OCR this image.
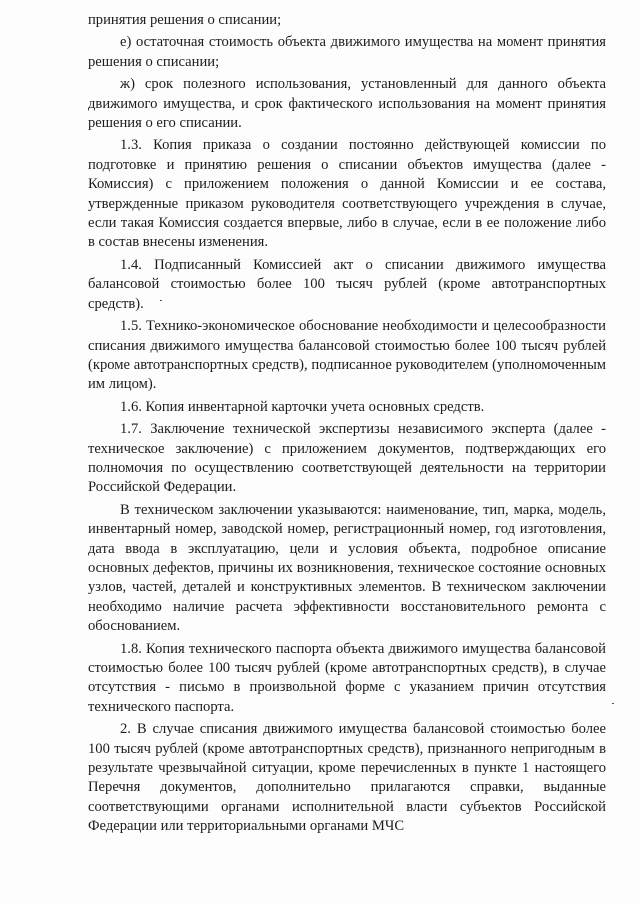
принятия решения о списании;

е) остаточная стоимость объекта движимого имущества на момент принятия решения о списании;

ж) срок полезного использования, установленный для данного объекта движимого имущества, и срок фактического использования на момент принятия решения о его списании.

1.3. Копия приказа о создании постоянно действующей комиссии по подготовке и принятию решения о списании объектов имущества (далее - Комиссия) с приложением положения о данной Комиссии и ее состава, утвержденные приказом руководителя соответствующего учреждения в случае, если такая Комиссия создается впервые, либо в случае, если в ее положение либо в состав внесены изменения.

1.4. Подписанный Комиссией акт о списании движимого имущества балансовой стоимостью более 100 тысяч рублей (кроме автотранспортных средств).

1.5. Технико-экономическое обоснование необходимости и целесообразности списания движимого имущества балансовой стоимостью более 100 тысяч рублей (кроме автотранспортных средств), подписанное руководителем (уполномоченным им лицом).

1.6. Копия инвентарной карточки учета основных средств.

1.7. Заключение технической экспертизы независимого эксперта (далее - техническое заключение) с приложением документов, подтверждающих его полномочия по осуществлению соответствующей деятельности на территории Российской Федерации.

В техническом заключении указываются: наименование, тип, марка, модель, инвентарный номер, заводской номер, регистрационный номер, год изготовления, дата ввода в эксплуатацию, цели и условия объекта, подробное описание основных дефектов, причины их возникновения, техническое состояние основных узлов, частей, деталей и конструктивных элементов. В техническом заключении необходимо наличие расчета эффективности восстановительного ремонта с обоснованием.

1.8. Копия технического паспорта объекта движимого имущества балансовой стоимостью более 100 тысяч рублей (кроме автотранспортных средств), в случае отсутствия - письмо в произвольной форме с указанием причин отсутствия технического паспорта.

2. В случае списания движимого имущества балансовой стоимостью более 100 тысяч рублей (кроме автотранспортных средств), признанного непригодным в результате чрезвычайной ситуации, кроме перечисленных в пункте 1 настоящего Перечня документов, дополнительно прилагаются справки, выданные соответствующими органами исполнительной власти субъектов Российской Федерации или территориальными органами МЧС
